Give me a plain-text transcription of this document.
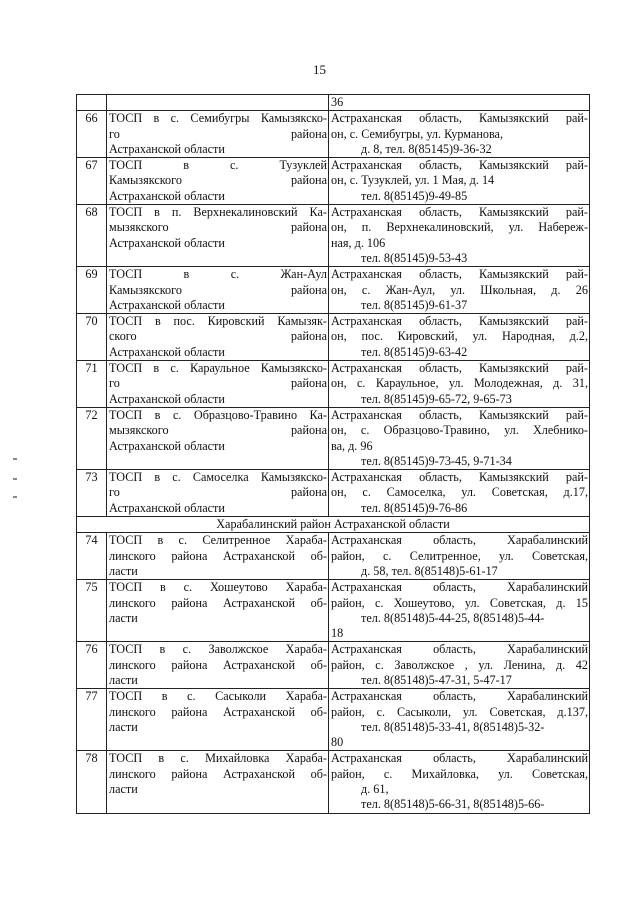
15

		36

66	ТОСП в с. Семибугры Камызякско-
го района
Астраханской области	Астраханская область, Камызякский рай-
он, с. Семибугры, ул. Курманова,
д. 8, тел. 8(85145)9-36-32

67	ТОСП в с. Тузуклей
Камызякского района
Астраханской области	Астраханская область, Камызякский рай-
он, с. Тузуклей, ул. 1 Мая, д. 14
тел. 8(85145)9-49-85

68	ТОСП в п. Верхнекалиновский Ка-
мызякского района
Астраханской области	Астраханская область, Камызякский рай-
он, п. Верхнекалиновский, ул. Набереж-
ная, д. 106
тел. 8(85145)9-53-43

69	ТОСП в с. Жан-Аул
Камызякского района
Астраханской области	Астраханская область, Камызякский рай-
он, с. Жан-Аул, ул. Школьная, д. 26
тел. 8(85145)9-61-37

70	ТОСП в пос. Кировский Камызяк-
ского района
Астраханской области	Астраханская область, Камызякский рай-
он, пос. Кировский, ул. Народная, д.2,
тел. 8(85145)9-63-42

71	ТОСП в с. Караульное Камызякско-
го района
Астраханской области	Астраханская область, Камызякский рай-
он, с. Караульное, ул. Молодежная, д. 31,
тел. 8(85145)9-65-72, 9-65-73

72	ТОСП в с. Образцово-Травино Ка-
мызякского района
Астраханской области	Астраханская область, Камызякский рай-
он, с. Образцово-Травино, ул. Хлебнико-
ва, д. 96
тел. 8(85145)9-73-45, 9-71-34

73	ТОСП в с. Самоселка Камызякско-
го района
Астраханской области	Астраханская область, Камызякский рай-
он, с. Самоселка, ул. Советская, д.17,
тел. 8(85145)9-76-86

Харабалинский район Астраханской области		
74	ТОСП в с. Селитренное Хараба-
линского района Астраханской об-
ласти	Астраханская область, Харабалинский
район, с. Селитренное, ул. Советская,
д. 58, тел. 8(85148)5-61-17

75	ТОСП в с. Хошеутово Хараба-
линского района Астраханской об-
ласти	Астраханская область, Харабалинский
район, с. Хошеутово, ул. Советская, д. 15
тел. 8(85148)5-44-25, 8(85148)5-44-
18

76	ТОСП в с. Заволжское Хараба-
линского района Астраханской об-
ласти	Астраханская область, Харабалинский
район, с. Заволжское , ул. Ленина, д. 42
тел. 8(85148)5-47-31, 5-47-17

77	ТОСП в с. Сасыколи Хараба-
линского района Астраханской об-
ласти	Астраханская область, Харабалинский
район, с. Сасыколи, ул. Советская, д.137,
тел. 8(85148)5-33-41, 8(85148)5-32-
80

78	ТОСП в с. Михайловка Хараба-
линского района Астраханской об-
ласти	Астраханская область, Харабалинский
район, с. Михайловка, ул. Советская,
д. 61,
тел. 8(85148)5-66-31, 8(85148)5-66-
